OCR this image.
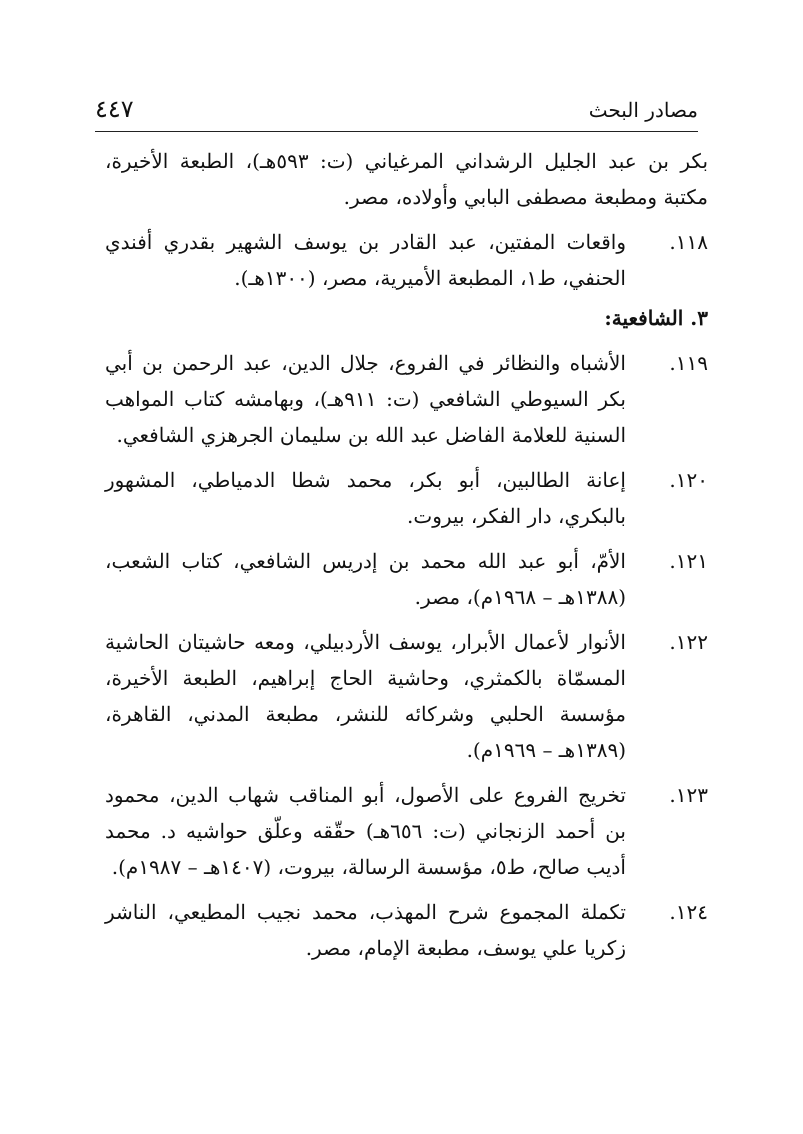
مصادر البحث
٤٤٧
بكر بن عبد الجليل الرشداني المرغياني (ت: ٥٩٣هـ)، الطبعة الأخيرة، مكتبة ومطبعة مصطفى البابي وأولاده، مصر.
١١٨.
واقعات المفتين، عبد القادر بن يوسف الشهير بقدري أفندي الحنفي، ط١، المطبعة الأميرية، مصر، (١٣٠٠هـ).
٣. الشافعية:
١١٩.
الأشباه والنظائر في الفروع، جلال الدين، عبد الرحمن بن أبي بكر السيوطي الشافعي (ت: ٩١١هـ)، وبهامشه كتاب المواهب السنية للعلامة الفاضل عبد الله بن سليمان الجرهزي الشافعي.
١٢٠.
إعانة الطالبين، أبو بكر، محمد شطا الدمياطي، المشهور بالبكري، دار الفكر، بيروت.
١٢١.
الأمّ، أبو عبد الله محمد بن إدريس الشافعي، كتاب الشعب، (١٣٨٨هـ – ١٩٦٨م)، مصر.
١٢٢.
الأنوار لأعمال الأبرار، يوسف الأردبيلي، ومعه حاشيتان الحاشية المسمّاة بالكمثري، وحاشية الحاج إبراهيم، الطبعة الأخيرة، مؤسسة الحلبي وشركائه للنشر، مطبعة المدني، القاهرة، (١٣٨٩هـ – ١٩٦٩م).
١٢٣.
تخريج الفروع على الأصول، أبو المناقب شهاب الدين، محمود بن أحمد الزنجاني (ت: ٦٥٦هـ) حقّقه وعلّق حواشيه د. محمد أديب صالح، ط٥، مؤسسة الرسالة، بيروت، (١٤٠٧هـ – ١٩٨٧م).
١٢٤.
تكملة المجموع شرح المهذب، محمد نجيب المطيعي، الناشر زكريا علي يوسف، مطبعة الإمام، مصر.
